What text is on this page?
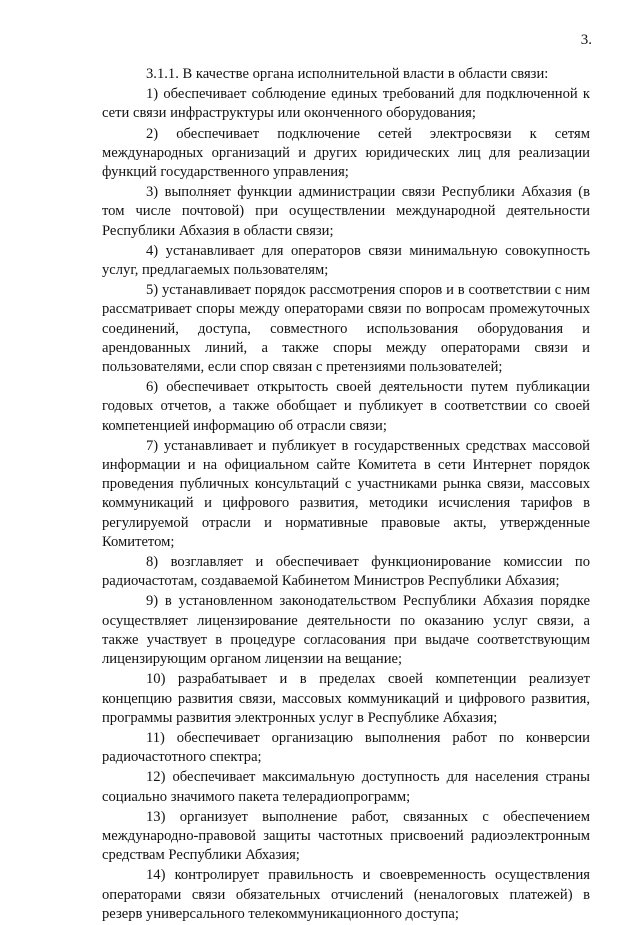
3.

3.1.1. В качестве органа исполнительной власти в области связи:

1) обеспечивает соблюдение единых требований для подключенной к сети связи инфраструктуры или оконченного оборудования;

2) обеспечивает подключение сетей электросвязи к сетям международных организаций и других юридических лиц для реализации функций государственного управления;

3) выполняет функции администрации связи Республики Абхазия (в том числе почтовой) при осуществлении международной деятельности Республики Абхазия в области связи;

4) устанавливает для операторов связи минимальную совокупность услуг, предлагаемых пользователям;

5) устанавливает порядок рассмотрения споров и в соответствии с ним рассматривает споры между операторами связи по вопросам промежуточных соединений, доступа, совместного использования оборудования и арендованных линий, а также споры между операторами связи и пользователями, если спор связан с претензиями пользователей;

6) обеспечивает открытость своей деятельности путем публикации годовых отчетов, а также обобщает и публикует в соответствии со своей компетенцией информацию об отрасли связи;

7) устанавливает и публикует в государственных средствах массовой информации и на официальном сайте Комитета в сети Интернет порядок проведения публичных консультаций с участниками рынка связи, массовых коммуникаций и цифрового развития, методики исчисления тарифов в регулируемой отрасли и нормативные правовые акты, утвержденные Комитетом;

8) возглавляет и обеспечивает функционирование комиссии по радиочастотам, создаваемой Кабинетом Министров Республики Абхазия;

9) в установленном законодательством Республики Абхазия порядке осуществляет лицензирование деятельности по оказанию услуг связи, а также участвует в процедуре согласования при выдаче соответствующим лицензирующим органом лицензии на вещание;

10) разрабатывает и в пределах своей компетенции реализует концепцию развития связи, массовых коммуникаций и цифрового развития, программы развития электронных услуг в Республике Абхазия;

11) обеспечивает организацию выполнения работ по конверсии радиочастотного спектра;

12) обеспечивает максимальную доступность для населения страны социально значимого пакета телерадиопрограмм;

13) организует выполнение работ, связанных с обеспечением международно-правовой защиты частотных присвоений радиоэлектронным средствам Республики Абхазия;

14) контролирует правильность и своевременность осуществления операторами связи обязательных отчислений (неналоговых платежей) в резерв универсального телекоммуникационного доступа;
